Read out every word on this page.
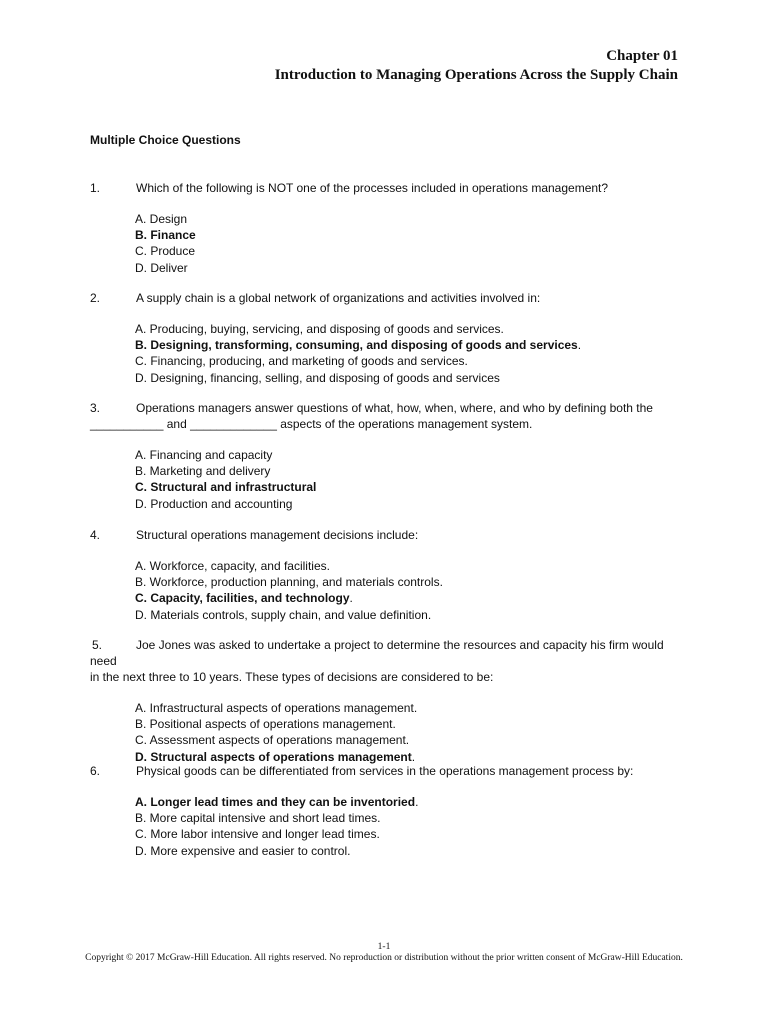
Chapter 01
Introduction to Managing Operations Across the Supply Chain
Multiple Choice Questions
1.	Which of the following is NOT one of the processes included in operations management?
A. Design
B. Finance
C. Produce
D. Deliver
2.	A supply chain is a global network of organizations and activities involved in:
A. Producing, buying, servicing, and disposing of goods and services.
B. Designing, transforming, consuming, and disposing of goods and services.
C. Financing, producing, and marketing of goods and services.
D. Designing, financing, selling, and disposing of goods and services
3.	Operations managers answer questions of what, how, when, where, and who by defining both the
___________ and _____________ aspects of the operations management system.
A. Financing and capacity
B. Marketing and delivery
C. Structural and infrastructural
D. Production and accounting
4.	Structural operations management decisions include:
A. Workforce, capacity, and facilities.
B. Workforce, production planning, and materials controls.
C. Capacity, facilities, and technology.
D. Materials controls, supply chain, and value definition.
5.	Joe Jones was asked to undertake a project to determine the resources and capacity his firm would need
in the next three to 10 years. These types of decisions are considered to be:
A. Infrastructural aspects of operations management.
B. Positional aspects of operations management.
C. Assessment aspects of operations management.
D. Structural aspects of operations management.
6.	Physical goods can be differentiated from services in the operations management process by:
A. Longer lead times and they can be inventoried.
B. More capital intensive and short lead times.
C. More labor intensive and longer lead times.
D. More expensive and easier to control.
1-1
Copyright © 2017 McGraw-Hill Education. All rights reserved. No reproduction or distribution without the prior written consent of McGraw-Hill Education.
